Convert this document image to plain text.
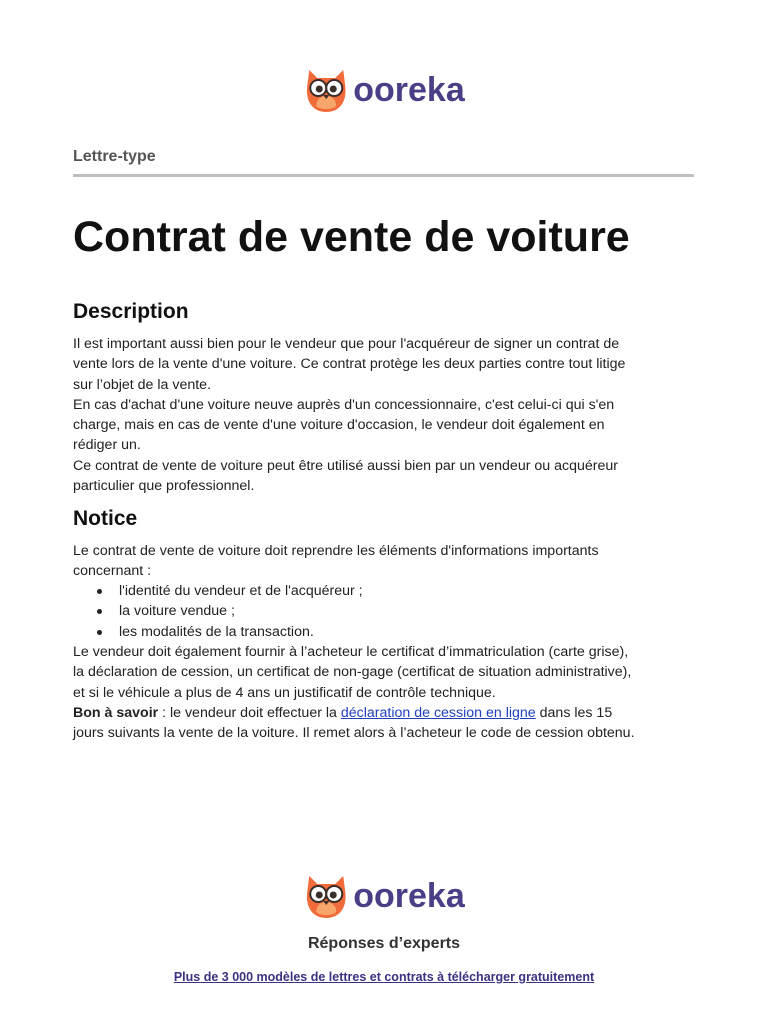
ooreka
Lettre-type
Contrat de vente de voiture
Description

Il est important aussi bien pour le vendeur que pour l'acquéreur de signer un contrat de
vente lors de la vente d'une voiture. Ce contrat protège les deux parties contre tout litige
sur l’objet de la vente.
En cas d'achat d'une voiture neuve auprès d'un concessionnaire, c'est celui-ci qui s'en
charge, mais en cas de vente d'une voiture d'occasion, le vendeur doit également en
rédiger un.
Ce contrat de vente de voiture peut être utilisé aussi bien par un vendeur ou acquéreur
particulier que professionnel.

Notice

Le contrat de vente de voiture doit reprendre les éléments d'informations importants
concernant :

l'identité du vendeur et de l'acquéreur ;
la voiture vendue ;
les modalités de la transaction.

Le vendeur doit également fournir à l’acheteur le certificat d’immatriculation (carte grise),
la déclaration de cession, un certificat de non-gage (certificat de situation administrative),
et si le véhicule a plus de 4 ans un justificatif de contrôle technique.
Bon à savoir : le vendeur doit effectuer la déclaration de cession en ligne dans les 15
jours suivants la vente de la voiture. Il remet alors à l’acheteur le code de cession obtenu.

ooreka
Réponses d’experts
Plus de 3 000 modèles de lettres et contrats à télécharger gratuitement
